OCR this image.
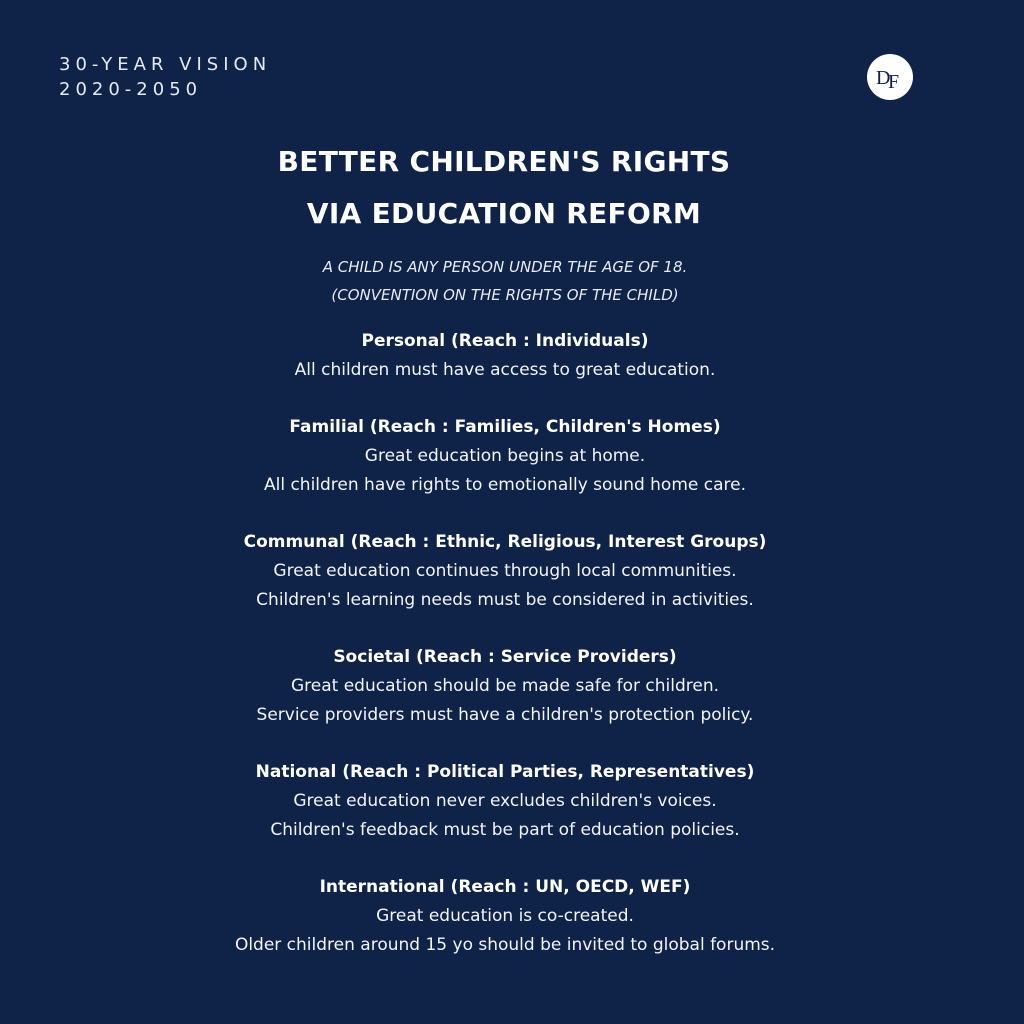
30-YEAR VISION
2020-2050
D
F
BETTER CHILDREN'S RIGHTS
VIA EDUCATION REFORM
A CHILD IS ANY PERSON UNDER THE AGE OF 18.
(CONVENTION ON THE RIGHTS OF THE CHILD)
Personal (Reach : Individuals)
All children must have access to great education.
Familial (Reach : Families, Children's Homes)
Great education begins at home.
All children have rights to emotionally sound home care.
Communal (Reach : Ethnic, Religious, Interest Groups)
Great education continues through local communities.
Children's learning needs must be considered in activities.
Societal (Reach : Service Providers)
Great education should be made safe for children.
Service providers must have a children's protection policy.
National (Reach : Political Parties, Representatives)
Great education never excludes children's voices.
Children's feedback must be part of education policies.
International (Reach : UN, OECD, WEF)
Great education is co-created.
Older children around 15 yo should be invited to global forums.
